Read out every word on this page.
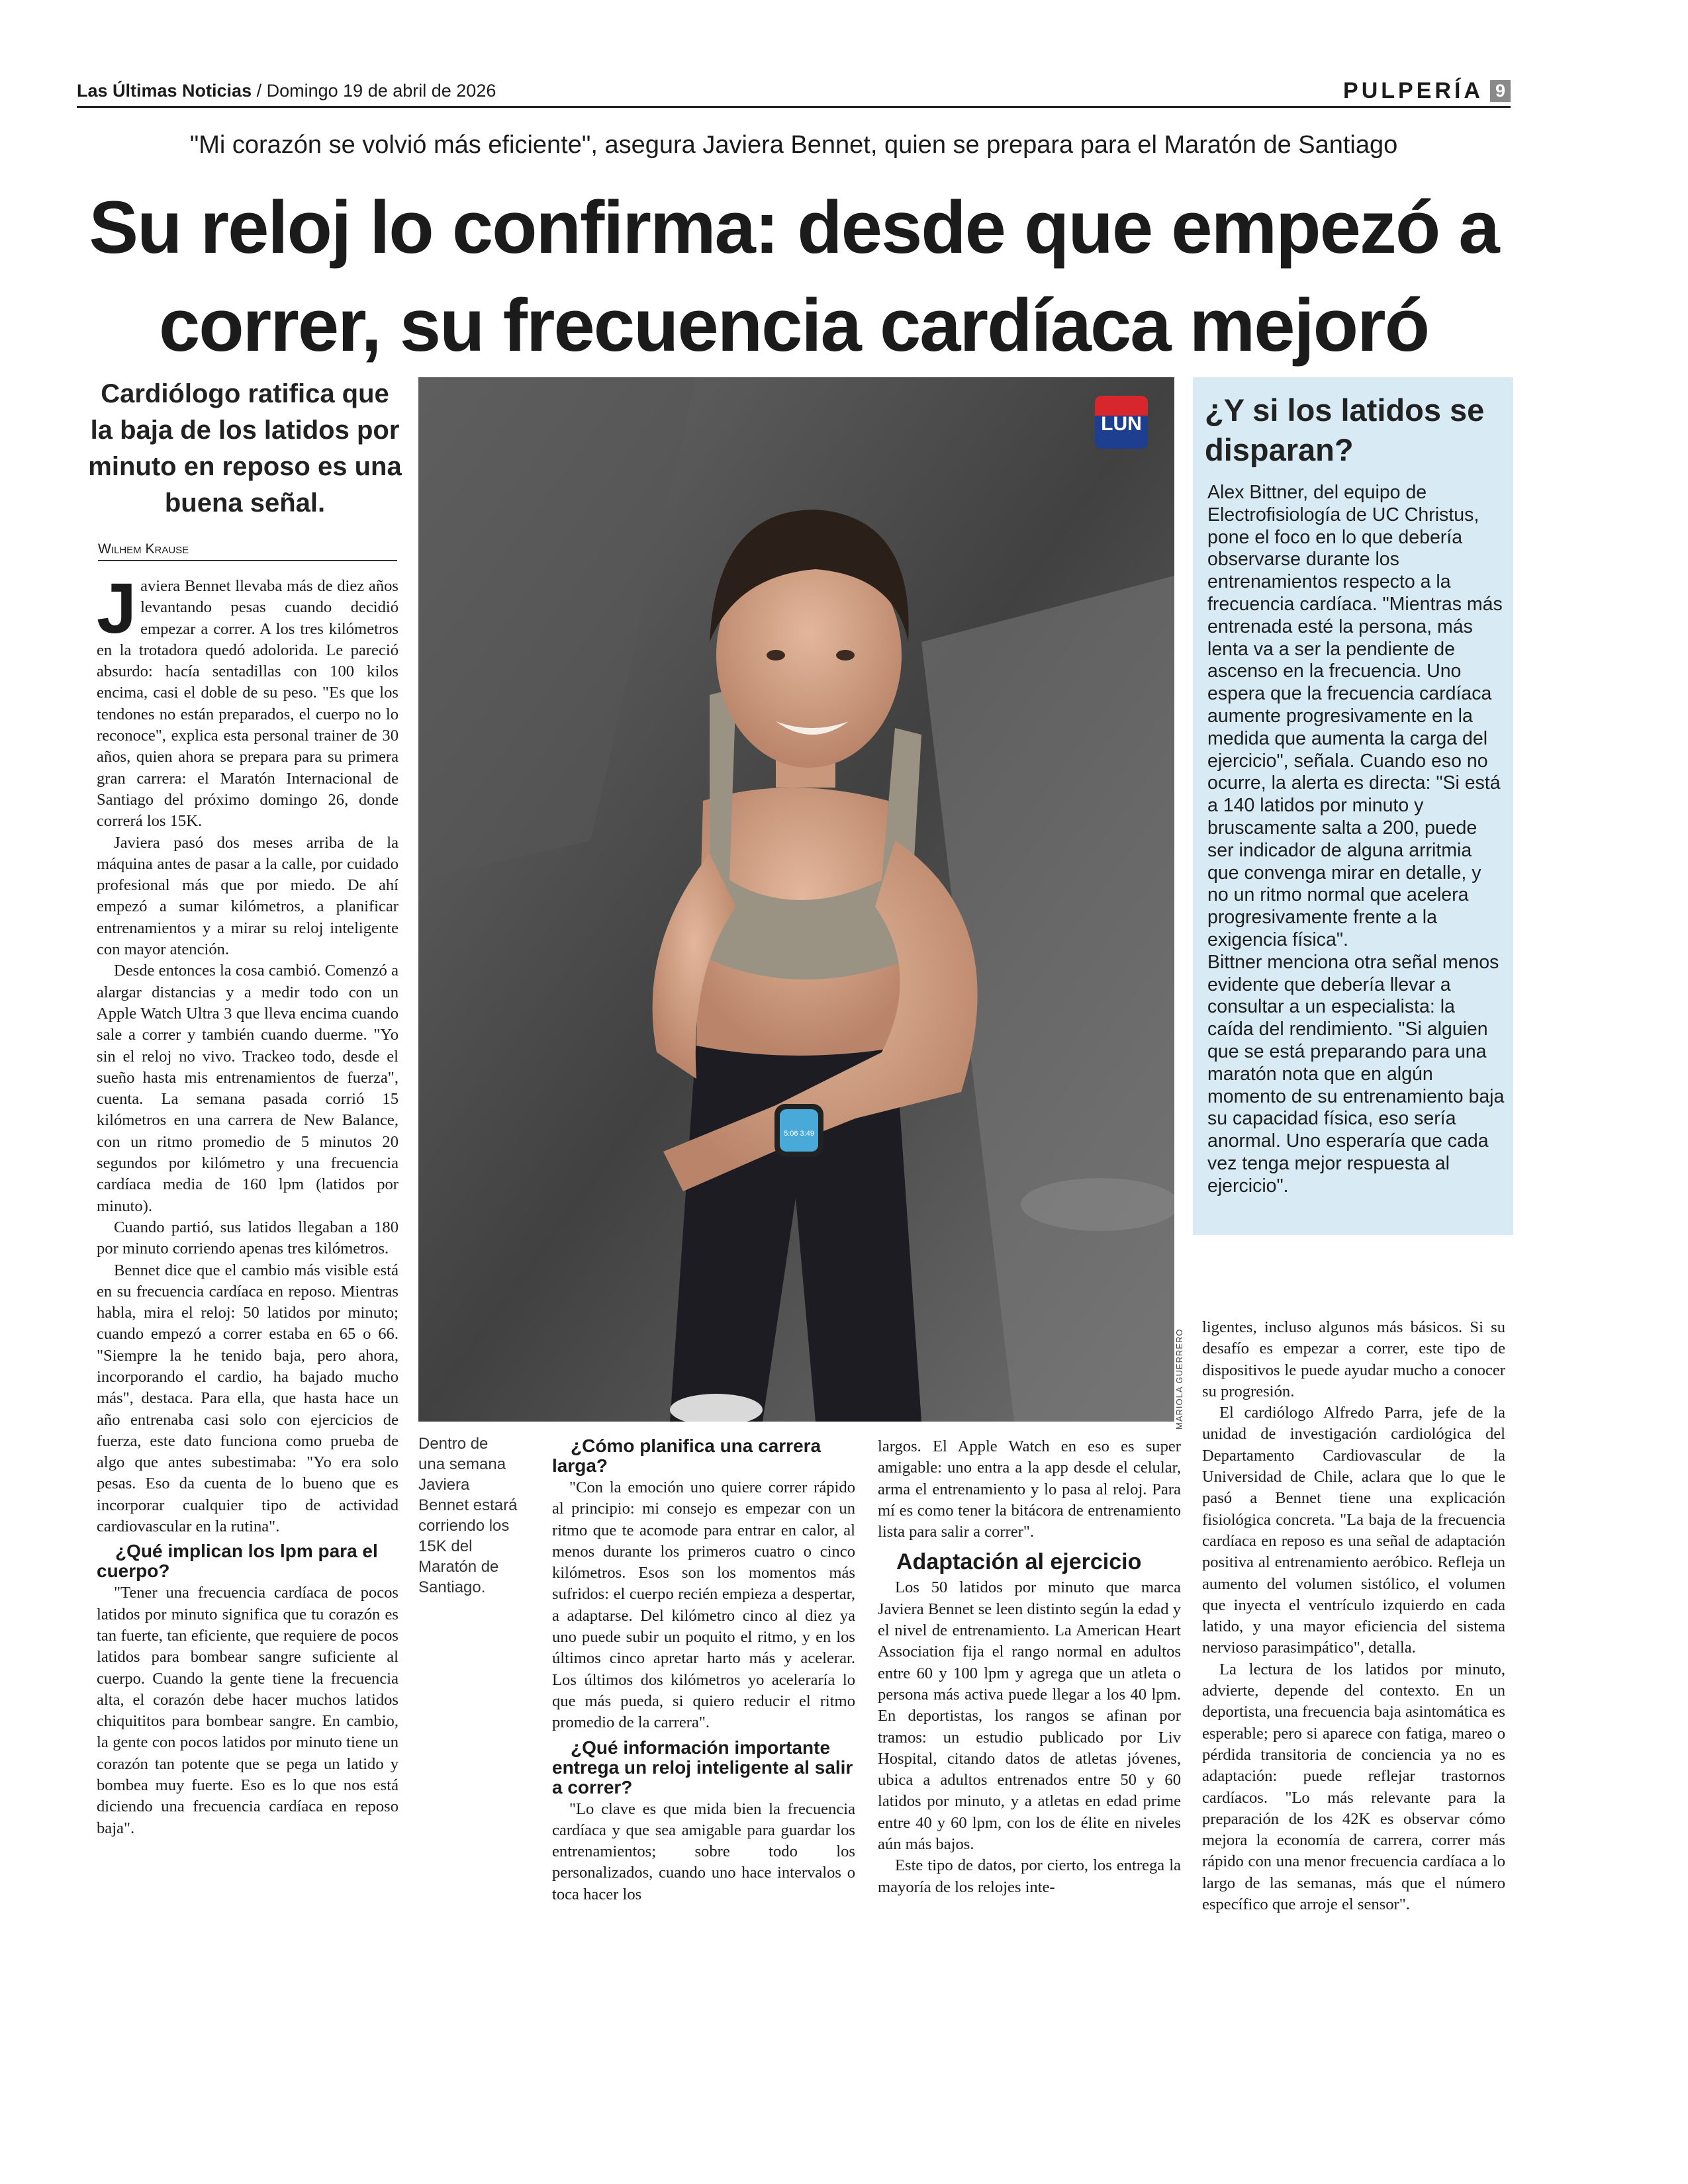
Las Últimas Noticias / Domingo 19 de abril de 2026	PULPERÍA 9
"Mi corazón se volvió más eficiente", asegura Javiera Bennet, quien se prepara para el Maratón de Santiago
Su reloj lo confirma: desde que empezó a
correr, su frecuencia cardíaca mejoró
Cardiólogo ratifica que la baja de los latidos por minuto en reposo es una buena señal.
Wilhem Krause

Javiera Bennet llevaba más de diez años levantando pesas cuando decidió empezar a correr. A los tres kilómetros en la trotadora quedó adolorida. Le pareció absurdo: hacía sentadillas con 100 kilos encima, casi el doble de su peso. "Es que los tendones no están preparados, el cuerpo no lo reconoce", explica esta personal trainer de 30 años, quien ahora se prepara para su primera gran carrera: el Maratón Internacional de Santiago del próximo domingo 26, donde correrá los 15K.

Javiera pasó dos meses arriba de la máquina antes de pasar a la calle, por cuidado profesional más que por miedo. De ahí empezó a sumar kilómetros, a planificar entrenamientos y a mirar su reloj inteligente con mayor atención.

Desde entonces la cosa cambió. Comenzó a alargar distancias y a medir todo con un Apple Watch Ultra 3 que lleva encima cuando sale a correr y también cuando duerme. "Yo sin el reloj no vivo. Trackeo todo, desde el sueño hasta mis entrenamientos de fuerza", cuenta. La semana pasada corrió 15 kilómetros en una carrera de New Balance, con un ritmo promedio de 5 minutos 20 segundos por kilómetro y una frecuencia cardíaca media de 160 lpm (latidos por minuto).

Cuando partió, sus latidos llegaban a 180 por minuto corriendo apenas tres kilómetros.

Bennet dice que el cambio más visible está en su frecuencia cardíaca en reposo. Mientras habla, mira el reloj: 50 latidos por minuto; cuando empezó a correr estaba en 65 o 66. "Siempre la he tenido baja, pero ahora, incorporando el cardio, ha bajado mucho más", destaca. Para ella, que hasta hace un año entrenaba casi solo con ejercicios de fuerza, este dato funciona como prueba de algo que antes subestimaba: "Yo era solo pesas. Eso da cuenta de lo bueno que es incorporar cualquier tipo de actividad cardiovascular en la rutina".

¿Qué implican los lpm para el cuerpo?

"Tener una frecuencia cardíaca de pocos latidos por minuto significa que tu corazón es tan fuerte, tan eficiente, que requiere de pocos latidos para bombear sangre suficiente al cuerpo. Cuando la gente tiene la frecuencia alta, el corazón debe hacer muchos latidos chiquititos para bombear sangre. En cambio, la gente con pocos latidos por minuto tiene un corazón tan potente que se pega un latido y bombea muy fuerte. Eso es lo que nos está diciendo una frecuencia cardíaca en reposo baja".

5:06 3:49
LUN
MARIOLA GUERRERO
Dentro de una semana Javiera Bennet estará corriendo los 15K del Maratón de Santiago.
¿Cómo planifica una carrera larga?

"Con la emoción uno quiere correr rápido al principio: mi consejo es empezar con un ritmo que te acomode para entrar en calor, al menos durante los primeros cuatro o cinco kilómetros. Esos son los momentos más sufridos: el cuerpo recién empieza a despertar, a adaptarse. Del kilómetro cinco al diez ya uno puede subir un poquito el ritmo, y en los últimos cinco apretar harto más y acelerar. Los últimos dos kilómetros yo aceleraría lo que más pueda, si quiero reducir el ritmo promedio de la carrera".

¿Qué información importante entrega un reloj inteligente al salir a correr?

"Lo clave es que mida bien la frecuencia cardíaca y que sea amigable para guardar los entrenamientos; sobre todo los personalizados, cuando uno hace intervalos o toca hacer los

largos. El Apple Watch en eso es super amigable: uno entra a la app desde el celular, arma el entrenamiento y lo pasa al reloj. Para mí es como tener la bitácora de entrenamiento lista para salir a correr".

Adaptación al ejercicio

Los 50 latidos por minuto que marca Javiera Bennet se leen distinto según la edad y el nivel de entrenamiento. La American Heart Association fija el rango normal en adultos entre 60 y 100 lpm y agrega que un atleta o persona más activa puede llegar a los 40 lpm. En deportistas, los rangos se afinan por tramos: un estudio publicado por Liv Hospital, citando datos de atletas jóvenes, ubica a adultos entrenados entre 50 y 60 latidos por minuto, y a atletas en edad prime entre 40 y 60 lpm, con los de élite en niveles aún más bajos.

Este tipo de datos, por cierto, los entrega la mayoría de los relojes inte-

ligentes, incluso algunos más básicos. Si su desafío es empezar a correr, este tipo de dispositivos le puede ayudar mucho a conocer su progresión.

El cardiólogo Alfredo Parra, jefe de la unidad de investigación cardiológica del Departamento Cardiovascular de la Universidad de Chile, aclara que lo que le pasó a Bennet tiene una explicación fisiológica concreta. "La baja de la frecuencia cardíaca en reposo es una señal de adaptación positiva al entrenamiento aeróbico. Refleja un aumento del volumen sistólico, el volumen que inyecta el ventrículo izquierdo en cada latido, y una mayor eficiencia del sistema nervioso parasimpático", detalla.

La lectura de los latidos por minuto, advierte, depende del contexto. En un deportista, una frecuencia baja asintomática es esperable; pero si aparece con fatiga, mareo o pérdida transitoria de conciencia ya no es adaptación: puede reflejar trastornos cardíacos. "Lo más relevante para la preparación de los 42K es observar cómo mejora la economía de carrera, correr más rápido con una menor frecuencia cardíaca a lo largo de las semanas, más que el número específico que arroje el sensor".

¿Y si los latidos se disparan?

Alex Bittner, del equipo de Electrofisiología de UC Christus, pone el foco en lo que debería observarse durante los entrenamientos respecto a la frecuencia cardíaca. "Mientras más entrenada esté la persona, más lenta va a ser la pendiente de ascenso en la frecuencia. Uno espera que la frecuencia cardíaca aumente progresivamente en la medida que aumenta la carga del ejercicio", señala. Cuando eso no ocurre, la alerta es directa: "Si está a 140 latidos por minuto y bruscamente salta a 200, puede ser indicador de alguna arritmia que convenga mirar en detalle, y no un ritmo normal que acelera progresivamente frente a la exigencia física".

Bittner menciona otra señal menos evidente que debería llevar a consultar a un especialista: la caída del rendimiento. "Si alguien que se está preparando para una maratón nota que en algún momento de su entrenamiento baja su capacidad física, eso sería anormal. Uno esperaría que cada vez tenga mejor respuesta al ejercicio".
